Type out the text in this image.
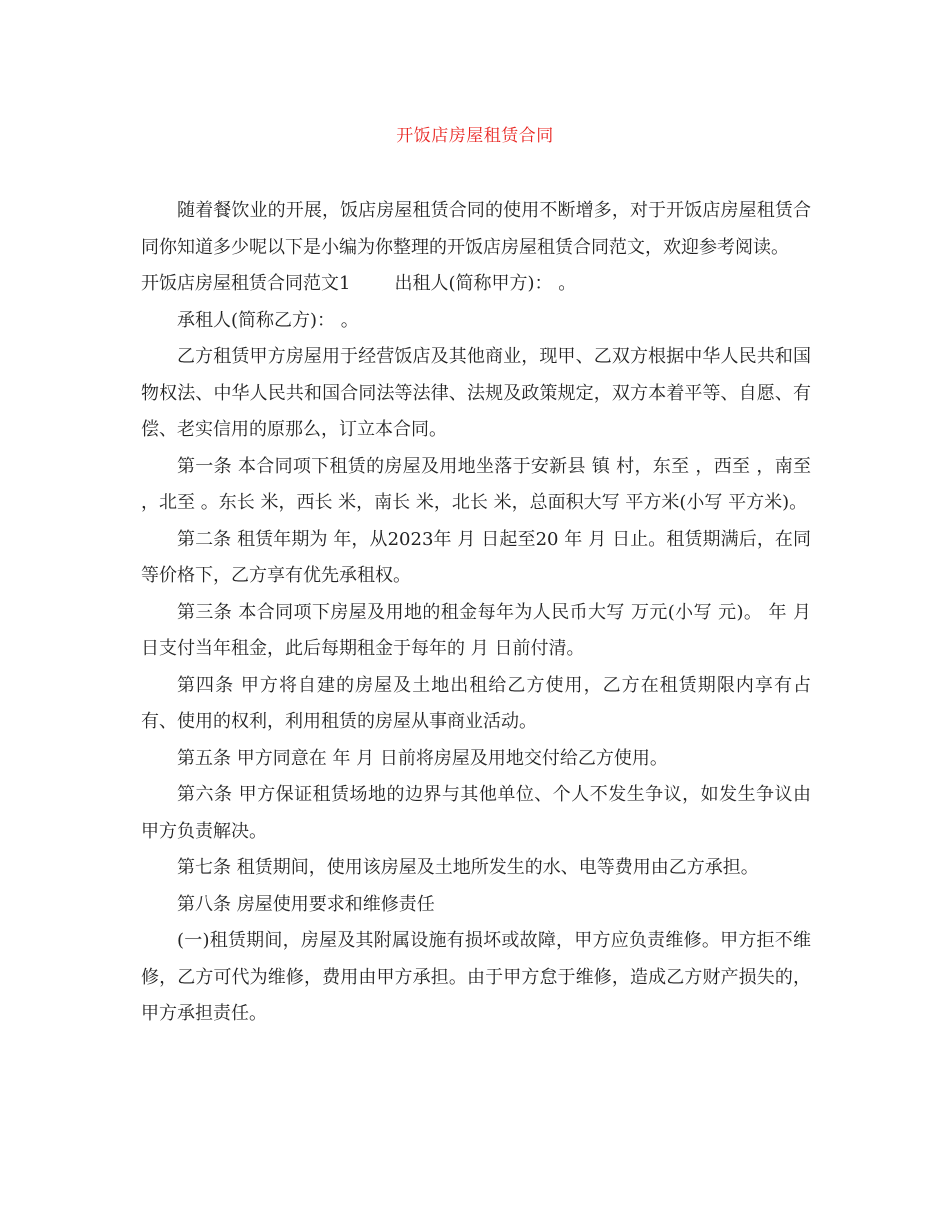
开饭店房屋租赁合同

随着餐饮业的开展，饭店房屋租赁合同的使用不断增多，对于开饭店房屋租赁合同你知道多少呢以下是小编为你整理的开饭店房屋租赁合同范文，欢迎参考阅读。

开饭店房屋租赁合同范文1 出租人(简称甲方)： 。

承租人(简称乙方)： 。

乙方租赁甲方房屋用于经营饭店及其他商业，现甲、乙双方根据中华人民共和国物权法、中华人民共和国合同法等法律、法规及政策规定，双方本着平等、自愿、有偿、老实信用的原那么，订立本合同。

第一条 本合同项下租赁的房屋及用地坐落于安新县 镇 村，东至 ，西至 ，南至 ，北至 。东长 米，西长 米，南长 米，北长 米，总面积大写 平方米(小写 平方米)。

第二条 租赁年期为 年，从2023年 月 日起至20 年 月 日止。租赁期满后，在同等价格下，乙方享有优先承租权。

第三条 本合同项下房屋及用地的租金每年为人民币大写 万元(小写 元)。 年 月 日支付当年租金，此后每期租金于每年的 月 日前付清。

第四条 甲方将自建的房屋及土地出租给乙方使用，乙方在租赁期限内享有占有、使用的权利，利用租赁的房屋从事商业活动。

第五条 甲方同意在 年 月 日前将房屋及用地交付给乙方使用。

第六条 甲方保证租赁场地的边界与其他单位、个人不发生争议，如发生争议由甲方负责解决。

第七条 租赁期间，使用该房屋及土地所发生的水、电等费用由乙方承担。

第八条 房屋使用要求和维修责任

(一)租赁期间，房屋及其附属设施有损坏或故障，甲方应负责维修。甲方拒不维修，乙方可代为维修，费用由甲方承担。由于甲方怠于维修，造成乙方财产损失的，甲方承担责任。
